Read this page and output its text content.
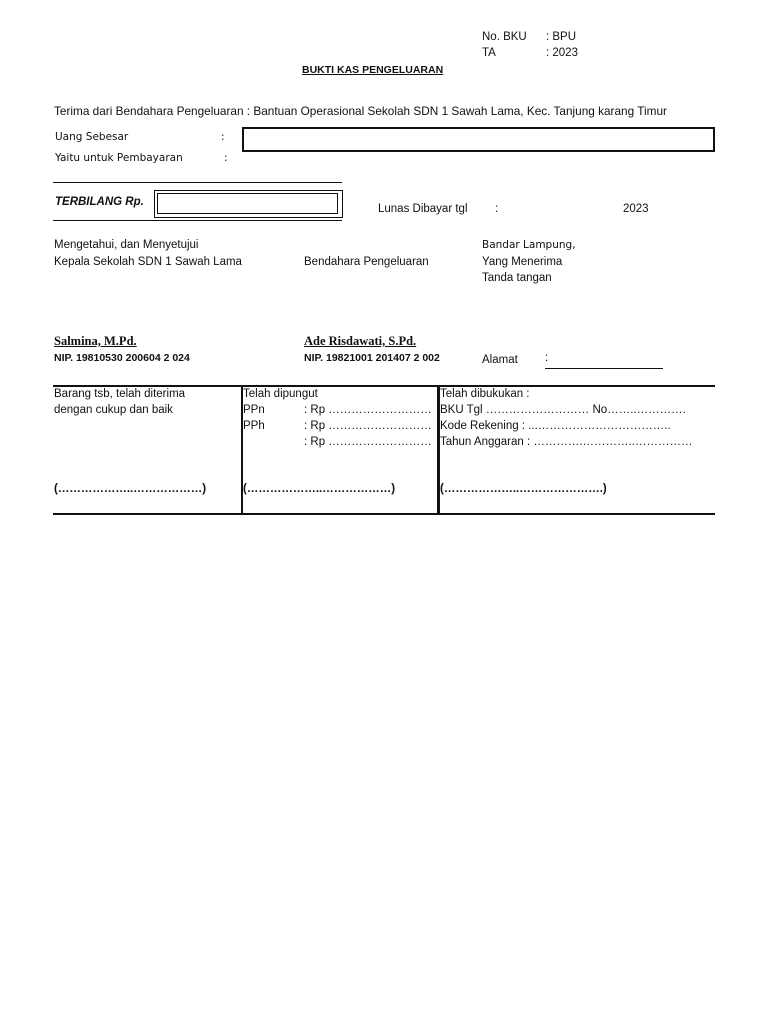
No. BKU : BPU
TA	: 2023
BUKTI KAS PENGELUARAN
Terima dari Bendahara Pengeluaran : Bantuan Operasional Sekolah SDN 1 Sawah Lama, Kec. Tanjung karang Timur
Uang Sebesar	:
Yaitu untuk Pembayaran	:
TERBILANG Rp.
Lunas Dibayar tgl :	2023
Mengetahui, dan Menyetujui
Kepala Sekolah SDN 1 Sawah Lama	Bendahara Pengeluaran
Bandar Lampung,
Yang Menerima
Tanda tangan
Salmina, M.Pd.
NIP. 19810530 200604 2 024
Ade Risdawati, S.Pd.
NIP. 19821001 201407 2 002	Alamat :
Barang tsb, telah diterima
dengan cukup dan baik
(………………..………………)
Telah dipungut
PPn	: Rp ………………………
PPh	: Rp ………………………
: Rp ………………………
(………………..………………)
Telah dibukukan :
BKU Tgl ……………………… No……..………….
Kode Rekening : ...……………………………..
Tahun Anggaran : ………….…………..……………
(………………..………………….)
